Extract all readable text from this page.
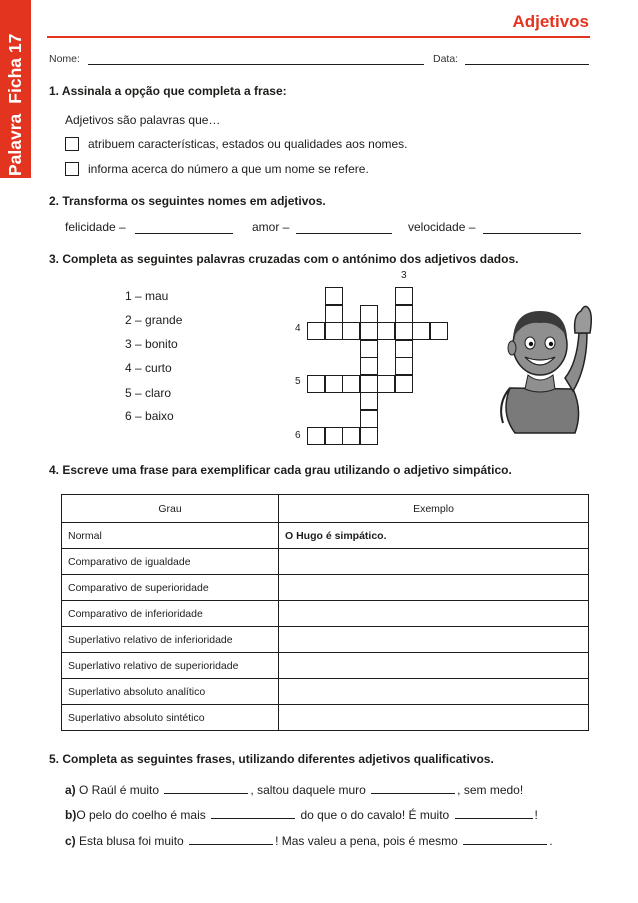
PalavraFicha 17
Adjetivos
Nome:	Data:
1. Assinala a opção que completa a frase:
Adjetivos são palavras que…
atribuem características, estados ou qualidades aos nomes.
informa acerca do número a que um nome se refere.
2. Transforma os seguintes nomes em adjetivos.
felicidade –	amor –	velocidade –
3. Completa as seguintes palavras cruzadas com o antónimo dos adjetivos dados.
1 – mau
2 – grande
3 – bonito
4 – curto
5 – claro
6 – baixo
3
4
5
6
4. Escreve uma frase para exemplificar cada grau utilizando o adjetivo simpático.
Grau	Exemplo
Normal	O Hugo é simpático.
Comparativo de igualdade	
Comparativo de superioridade	
Comparativo de inferioridade	
Superlativo relativo de inferioridade	
Superlativo relativo de superioridade	
Superlativo absoluto analítico	
Superlativo absoluto sintético	
5. Completa as seguintes frases, utilizando diferentes adjetivos qualificativos.
a) O Raúl é muito	, saltou daquele muro	, sem medo!
b)O pelo do coelho é mais	do que o do cavalo! É muito	!
c) Esta blusa foi muito	! Mas valeu a pena, pois é mesmo	.
